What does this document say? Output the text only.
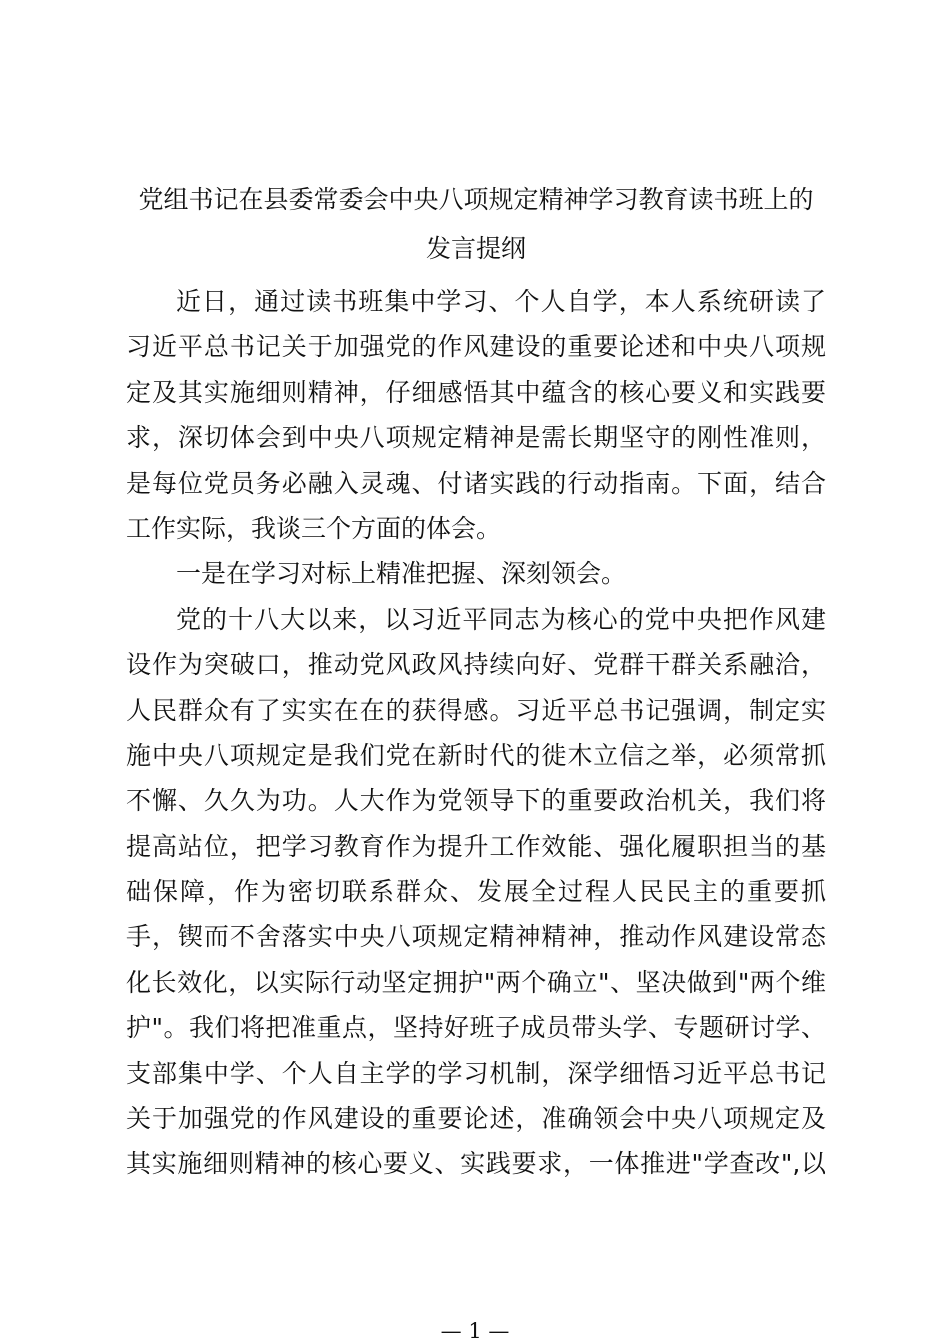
党组书记在县委常委会中央八项规定精神学习教育读书班上的
发言提纲
近日，通过读书班集中学习、个人自学，本人系统研读了
习近平总书记关于加强党的作风建设的重要论述和中央八项规
定及其实施细则精神，仔细感悟其中蕴含的核心要义和实践要
求，深切体会到中央八项规定精神是需长期坚守的刚性准则，
是每位党员务必融入灵魂、付诸实践的行动指南。下面，结合
工作实际，我谈三个方面的体会。
一是在学习对标上精准把握、深刻领会。
党的十八大以来，以习近平同志为核心的党中央把作风建
设作为突破口，推动党风政风持续向好、党群干群关系融洽，
人民群众有了实实在在的获得感。习近平总书记强调，制定实
施中央八项规定是我们党在新时代的徙木立信之举，必须常抓
不懈、久久为功。人大作为党领导下的重要政治机关，我们将
提高站位，把学习教育作为提升工作效能、强化履职担当的基
础保障，作为密切联系群众、发展全过程人民民主的重要抓
手，锲而不舍落实中央八项规定精神精神，推动作风建设常态
化长效化，以实际行动坚定拥护"两个确立"、坚决做到"两个维
护"。我们将把准重点，坚持好班子成员带头学、专题研讨学、
支部集中学、个人自主学的学习机制，深学细悟习近平总书记
关于加强党的作风建设的重要论述，准确领会中央八项规定及
其实施细则精神的核心要义、实践要求，一体推进"学查改",以
— 1 —
